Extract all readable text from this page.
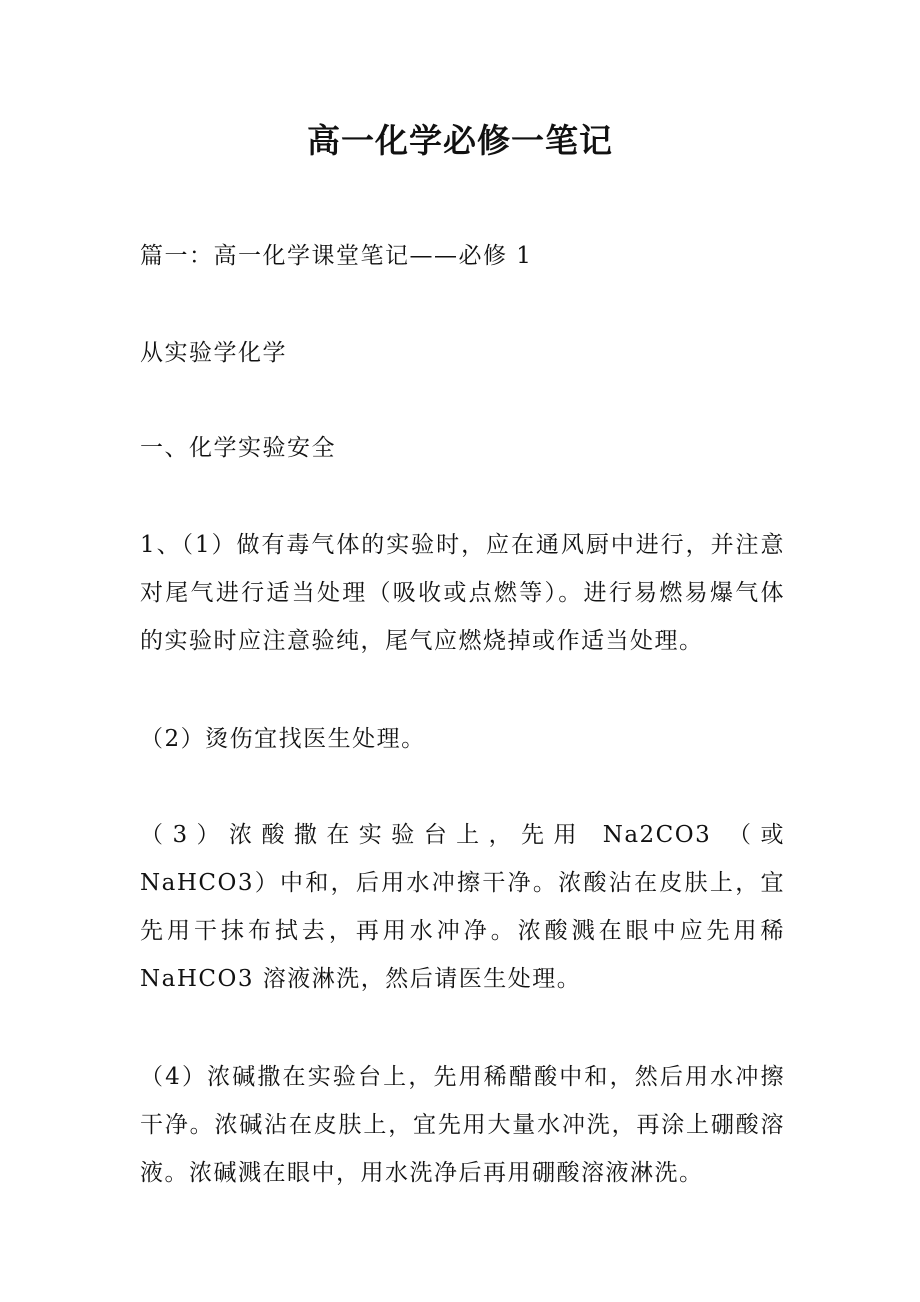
高一化学必修一笔记

篇一：高一化学课堂笔记——必修 1

从实验学化学

一、化学实验安全

1、（1）做有毒气体的实验时，应在通风厨中进行，并注意对尾气进行适当处理（吸收或点燃等）。进行易燃易爆气体的实验时应注意验纯，尾气应燃烧掉或作适当处理。

（2）烫伤宜找医生处理。

（3）浓酸撒在实验台上，先用 Na2CO3 （或 NaHCO3）中和，后用水冲擦干净。浓酸沾在皮肤上，宜先用干抹布拭去，再用水冲净。浓酸溅在眼中应先用稀 NaHCO3 溶液淋洗，然后请医生处理。

（4）浓碱撒在实验台上，先用稀醋酸中和，然后用水冲擦干净。浓碱沾在皮肤上，宜先用大量水冲洗，再涂上硼酸溶液。浓碱溅在眼中，用水洗净后再用硼酸溶液淋洗。
